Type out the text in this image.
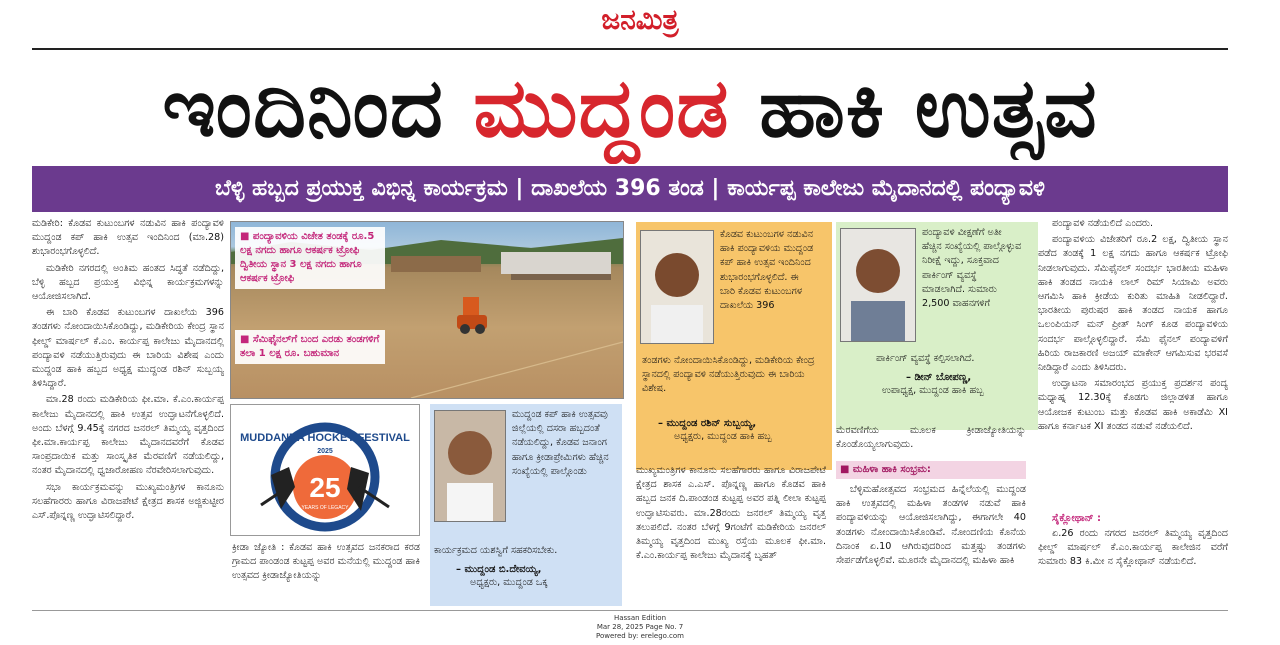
ಜನಮಿತ್ರ
ಇಂದಿನಿಂದ ಮುದ್ದಂಡ ಹಾಕಿ ಉತ್ಸವ
ಬೆಳ್ಳಿ ಹಬ್ಬದ ಪ್ರಯುಕ್ತ ವಿಭಿನ್ನ ಕಾರ್ಯಕ್ರಮ | ದಾಖಲೆಯ 396 ತಂಡ | ಕಾರ್ಯಪ್ಪ ಕಾಲೇಜು ಮೈದಾನದಲ್ಲಿ ಪಂದ್ಯಾವಳಿ

ಮಡಿಕೇರಿ: ಕೊಡವ ಕುಟುಂಬಗಳ ನಡುವಿನ ಹಾಕಿ ಪಂದ್ಯಾವಳಿ ಮುದ್ದಂಡ ಕಪ್ ಹಾಕಿ ಉತ್ಸವ ಇಂದಿನಿಂದ (ಮಾ.28) ಶುಭಾರಂಭಗೊಳ್ಳಲಿದೆ.

ಮಡಿಕೇರಿ ನಗರದಲ್ಲಿ ಅಂತಿಮ ಹಂತದ ಸಿದ್ಧತೆ ನಡೆದಿದ್ದು, ಬೆಳ್ಳಿ ಹಬ್ಬದ ಪ್ರಯುಕ್ತ ವಿಭಿನ್ನ ಕಾರ್ಯಕ್ರಮಗಳನ್ನು ಆಯೋಜಿಸಲಾಗಿದೆ.

ಈ ಬಾರಿ ಕೊಡವ ಕುಟುಂಬಗಳ ದಾಖಲೆಯ 396 ತಂಡಗಳು ನೋಂದಾಯಿಸಿಕೊಂಡಿದ್ದು, ಮಡಿಕೇರಿಯ ಕೇಂದ್ರ ಸ್ಥಾನ ಫೀಲ್ಡ್ ಮಾರ್ಷಲ್ ಕೆ.ಎಂ. ಕಾರ್ಯಪ್ಪ ಕಾಲೇಜು ಮೈದಾನದಲ್ಲಿ ಪಂದ್ಯಾವಳಿ ನಡೆಯುತ್ತಿರುವುದು ಈ ಬಾರಿಯ ವಿಶೇಷ ಎಂದು ಮುದ್ದಂಡ ಹಾಕಿ ಹಬ್ಬದ ಅಧ್ಯಕ್ಷ ಮುದ್ದಂಡ ರಶಿನ್ ಸುಬ್ಬಯ್ಯ ತಿಳಿಸಿದ್ದಾರೆ.

ಮಾ.28 ರಂದು ಮಡಿಕೇರಿಯ ಫೀ.ಮಾ. ಕೆ.ಎಂ.ಕಾರ್ಯಪ್ಪ ಕಾಲೇಜು ಮೈದಾನದಲ್ಲಿ ಹಾಕಿ ಉತ್ಸವ ಉದ್ಘಾಟನೆಗೊಳ್ಳಲಿದೆ. ಅಂದು ಬೆಳಗ್ಗೆ 9.45ಕ್ಕೆ ನಗರದ ಜನರಲ್ ತಿಮ್ಮಯ್ಯ ವೃತ್ತದಿಂದ ಫೀ.ಮಾ.ಕಾರ್ಯಪ್ಪ ಕಾಲೇಜು ಮೈದಾನದವರೆಗೆ ಕೊಡವ ಸಾಂಪ್ರದಾಯಿಕ ಮತ್ತು ಸಾಂಸ್ಕೃತಿಕ ಮೆರವಣಿಗೆ ನಡೆಯಲಿದ್ದು, ನಂತರ ಮೈದಾನದಲ್ಲಿ ಧ್ವಜಾರೋಹಣ ನೆರವೇರಿಸಲಾಗುವುದು.

ಸಭಾ ಕಾರ್ಯಕ್ರಮವನ್ನು ಮುಖ್ಯಮಂತ್ರಿಗಳ ಕಾನೂನು ಸಲಹೆಗಾರರು ಹಾಗೂ ವಿರಾಜಪೇಟೆ ಕ್ಷೇತ್ರದ ಶಾಸಕ ಅಜ್ಜಿಕುಟ್ಟೀರ ಎಸ್.ಪೊನ್ನಣ್ಣ ಉದ್ಘಾಟಿಸಲಿದ್ದಾರೆ.

■ ಪಂದ್ಯಾವಳಿಯ ವಿಜೇತ ತಂಡಕ್ಕೆ ರೂ.5 ಲಕ್ಷ ನಗದು ಹಾಗೂ ಆಕರ್ಷಕ ಟ್ರೋಫಿ ದ್ವಿತೀಯ ಸ್ಥಾನ 3 ಲಕ್ಷ ನಗದು ಹಾಗೂ ಆಕರ್ಷಕ ಟ್ರೋಫಿ
■ ಸೆಮಿಫೈನಲ್‌ಗೆ ಬಂದ ಎರಡು ತಂಡಗಳಿಗೆ ತಲಾ 1 ಲಕ್ಷ ರೂ. ಬಹುಮಾನ
25
YEARS OF LEGACY
MUDDANDA HOCKEY FESTIVAL
2025

ಕ್ರೀಡಾ ಜ್ಯೋತಿ : ಕೊಡವ ಹಾಕಿ ಉತ್ಸವದ ಜನಕರಾದ ಕರಡ ಗ್ರಾಮದ ಪಾಂಡಂಡ ಕುಟ್ಟಪ್ಪ ಅವರ ಮನೆಯಲ್ಲಿ ಮುದ್ದಂಡ ಹಾಕಿ ಉತ್ಸವದ ಕ್ರೀಡಾಜ್ಯೋತಿಯನ್ನು

ಮುದ್ದಂಡ ಕಪ್ ಹಾಕಿ ಉತ್ಸವವು ಜಿಲ್ಲೆಯಲ್ಲಿ ದಸರಾ ಹಬ್ಬದಂತೆ ನಡೆಯಲಿದ್ದು, ಕೊಡವ ಜನಾಂಗ ಹಾಗೂ ಕ್ರೀಡಾಪ್ರೇಮಿಗಳು ಹೆಚ್ಚಿನ ಸಂಖ್ಯೆಯಲ್ಲಿ ಪಾಲ್ಗೊಂಡು
ಕಾರ್ಯಕ್ರಮದ ಯಶಸ್ವಿಗೆ ಸಹಕರಿಸಬೇಕು.
– ಮುದ್ದಂಡ ಬಿ.ದೇವಯ್ಯ,
ಅಧ್ಯಕ್ಷರು, ಮುದ್ದಂಡ ಒಕ್ಕ
ಕೊಡವ ಕುಟುಂಬಗಳ ನಡುವಿನ ಹಾಕಿ ಪಂದ್ಯಾವಳಿಯ ಮುದ್ದಂಡ ಕಪ್ ಹಾಕಿ ಉತ್ಸವ ಇಂದಿನಿಂದ ಶುಭಾರಂಭಗೊಳ್ಳಲಿದೆ. ಈ ಬಾರಿ ಕೊಡವ ಕುಟುಂಬಗಳ ದಾಖಲೆಯ 396
ತಂಡಗಳು ನೋಂದಾಯಿಸಿಕೊಂಡಿದ್ದು, ಮಡಿಕೇರಿಯ ಕೇಂದ್ರ ಸ್ಥಾನದಲ್ಲಿ ಪಂದ್ಯಾವಳಿ ನಡೆಯುತ್ತಿರುವುದು ಈ ಬಾರಿಯ ವಿಶೇಷ.
– ಮುದ್ದಂಡ ರಶಿನ್ ಸುಬ್ಬಯ್ಯ,
ಅಧ್ಯಕ್ಷರು, ಮುದ್ದಂಡ ಹಾಕಿ ಹಬ್ಬ

ಮುಖ್ಯಮಂತ್ರಿಗಳ ಕಾನೂನು ಸಲಹೆಗಾರರು ಹಾಗೂ ವಿರಾಜಪೇಟೆ ಕ್ಷೇತ್ರದ ಶಾಸಕ ಎ.ಎಸ್. ಪೊನ್ನಣ್ಣ ಹಾಗೂ ಕೊಡವ ಹಾಕಿ ಹಬ್ಬದ ಜನಕ ದಿ.ಪಾಂಡಂಡ ಕುಟ್ಟಪ್ಪ ಅವರ ಪತ್ನಿ ಲೀಲಾ ಕುಟ್ಟಪ್ಪ ಉದ್ಘಾಟಿಸುವರು. ಮಾ.28ರಂದು ಜನರಲ್ ತಿಮ್ಮಯ್ಯ ವೃತ್ತ ತಲುಪಲಿದೆ. ನಂತರ ಬೆಳಗ್ಗೆ 9ಗಂಟೆಗೆ ಮಡಿಕೇರಿಯ ಜನರಲ್ ತಿಮ್ಮಯ್ಯ ವೃತ್ತದಿಂದ ಮುಖ್ಯ ರಸ್ತೆಯ ಮೂಲಕ ಫೀ.ಮಾ. ಕೆ.ಎಂ.ಕಾರ್ಯಪ್ಪ ಕಾಲೇಜು ಮೈದಾನಕ್ಕೆ ಬೃಹತ್

ಪಂದ್ಯಾವಳಿ ವೀಕ್ಷಣೆಗೆ ಅತೀ ಹೆಚ್ಚಿನ ಸಂಖ್ಯೆಯಲ್ಲಿ ಪಾಲ್ಗೊಳ್ಳುವ ನಿರೀಕ್ಷೆ ಇದ್ದು, ಸೂಕ್ತವಾದ ಪಾರ್ಕಿಂಗ್ ವ್ಯವಸ್ಥೆ ಮಾಡಲಾಗಿದೆ. ಸುಮಾರು 2,500 ವಾಹನಗಳಿಗೆ
ಪಾರ್ಕಿಂಗ್ ವ್ಯವಸ್ಥೆ ಕಲ್ಪಿಸಲಾಗಿದೆ.
– ಡೀನ್ ಬೋಪಣ್ಣ,
ಉಪಾಧ್ಯಕ್ಷ, ಮುದ್ದಂಡ ಹಾಕಿ ಹಬ್ಬ

ಮೆರವಣಿಗೆಯ ಮೂಲಕ ಕ್ರೀಡಾಜ್ಯೋತಿಯನ್ನು ಕೊಂಡೊಯ್ಯಲಾಗುವುದು.

■ ಮಹಿಳಾ ಹಾಕಿ ಸಂಭ್ರಮ:

ಬೆಳ್ಳಿಮಹೋತ್ಸವದ ಸಂಭ್ರಮದ ಹಿನ್ನೆಲೆಯಲ್ಲಿ ಮುದ್ದಂಡ ಹಾಕಿ ಉತ್ಸವದಲ್ಲಿ ಮಹಿಳಾ ತಂಡಗಳ ನಡುವೆ ಹಾಕಿ ಪಂದ್ಯಾವಳಿಯನ್ನು ಆಯೋಜಿಸಲಾಗಿದ್ದು, ಈಗಾಗಲೇ 40 ತಂಡಗಳು ನೋಂದಾಯಿಸಿಕೊಂಡಿವೆ. ನೋಂದಣಿಯ ಕೊನೆಯ ದಿನಾಂಕ ಏ.10 ಆಗಿರುವುದರಿಂದ ಮತ್ತಷ್ಟು ತಂಡಗಳು ಸೇರ್ಪಡೆಗೊಳ್ಳಲಿವೆ. ಮೂರನೇ ಮೈದಾನದಲ್ಲಿ ಮಹಿಳಾ ಹಾಕಿ

ಪಂದ್ಯಾವಳಿ ನಡೆಯಲಿದೆ ಎಂದರು.

ಪಂದ್ಯಾವಳಿಯ ವಿಜೇತರಿಗೆ ರೂ.2 ಲಕ್ಷ, ದ್ವಿತೀಯ ಸ್ಥಾನ ಪಡೆದ ತಂಡಕ್ಕೆ 1 ಲಕ್ಷ ನಗದು ಹಾಗೂ ಆಕರ್ಷಕ ಟ್ರೋಫಿ ನೀಡಲಾಗುವುದು. ಸೆಮಿಫೈನಲ್ ಸಂದರ್ಭ ಭಾರತೀಯ ಮಹಿಳಾ ಹಾಕಿ ತಂಡದ ನಾಯಕಿ ಲಾಲ್ ರಿಮ್ ಸಿಯಾಮಿ ಅವರು ಆಗಮಿಸಿ ಹಾಕಿ ಕ್ರೀಡೆಯ ಕುರಿತು ಮಾಹಿತಿ ನೀಡಲಿದ್ದಾರೆ. ಭಾರತೀಯ ಪುರುಷರ ಹಾಕಿ ತಂಡದ ನಾಯಕ ಹಾಗೂ ಒಲಂಪಿಯನ್ ಮನ್ ಪ್ರೀತ್ ಸಿಂಗ್ ಕೂಡ ಪಂದ್ಯಾವಳಿಯ ಸಂದರ್ಭ ಪಾಲ್ಗೊಳ್ಳಲಿದ್ದಾರೆ. ಸೆಮಿ ಫೈನಲ್ ಪಂದ್ಯಾವಳಿಗೆ ಹಿರಿಯ ರಾಜಕಾರಣಿ ಅಜಯ್ ಮಾಕೇನ್ ಆಗಮಿಸುವ ಭರವಸೆ ನೀಡಿದ್ದಾರೆ ಎಂದು ತಿಳಿಸಿದರು.

ಉದ್ಘಾಟನಾ ಸಮಾರಂಭದ ಪ್ರಯುಕ್ತ ಪ್ರದರ್ಶನ ಪಂದ್ಯ ಮಧ್ಯಾಹ್ನ 12.30ಕ್ಕೆ ಕೊಡಗು ಜಿಲ್ಲಾಡಳಿತ ಹಾಗೂ ಆಯೋಜಕ ಕುಟುಂಬ ಮತ್ತು ಕೊಡವ ಹಾಕಿ ಅಕಾಡೆಮಿ XI ಹಾಗೂ ಕರ್ನಾಟಕ XI ತಂಡದ ನಡುವೆ ನಡೆಯಲಿದೆ.

ಸೈಕ್ಲೋಥಾನ್ :

ಏ.26 ರಂದು ನಗರದ ಜನರಲ್ ತಿಮ್ಮಯ್ಯ ವೃತ್ತದಿಂದ ಫೀಲ್ಡ್ ಮಾರ್ಷಲ್ ಕೆ.ಎಂ.ಕಾರ್ಯಪ್ಪ ಕಾಲೇಜಿನ ವರೆಗೆ ಸುಮಾರು 83 ಕಿ.ಮೀ ನ ಸೈಕ್ಲೋಥಾನ್ ನಡೆಯಲಿದೆ.

Hassan Edition
Mar 28, 2025 Page No. 7
Powered by: erelego.com
